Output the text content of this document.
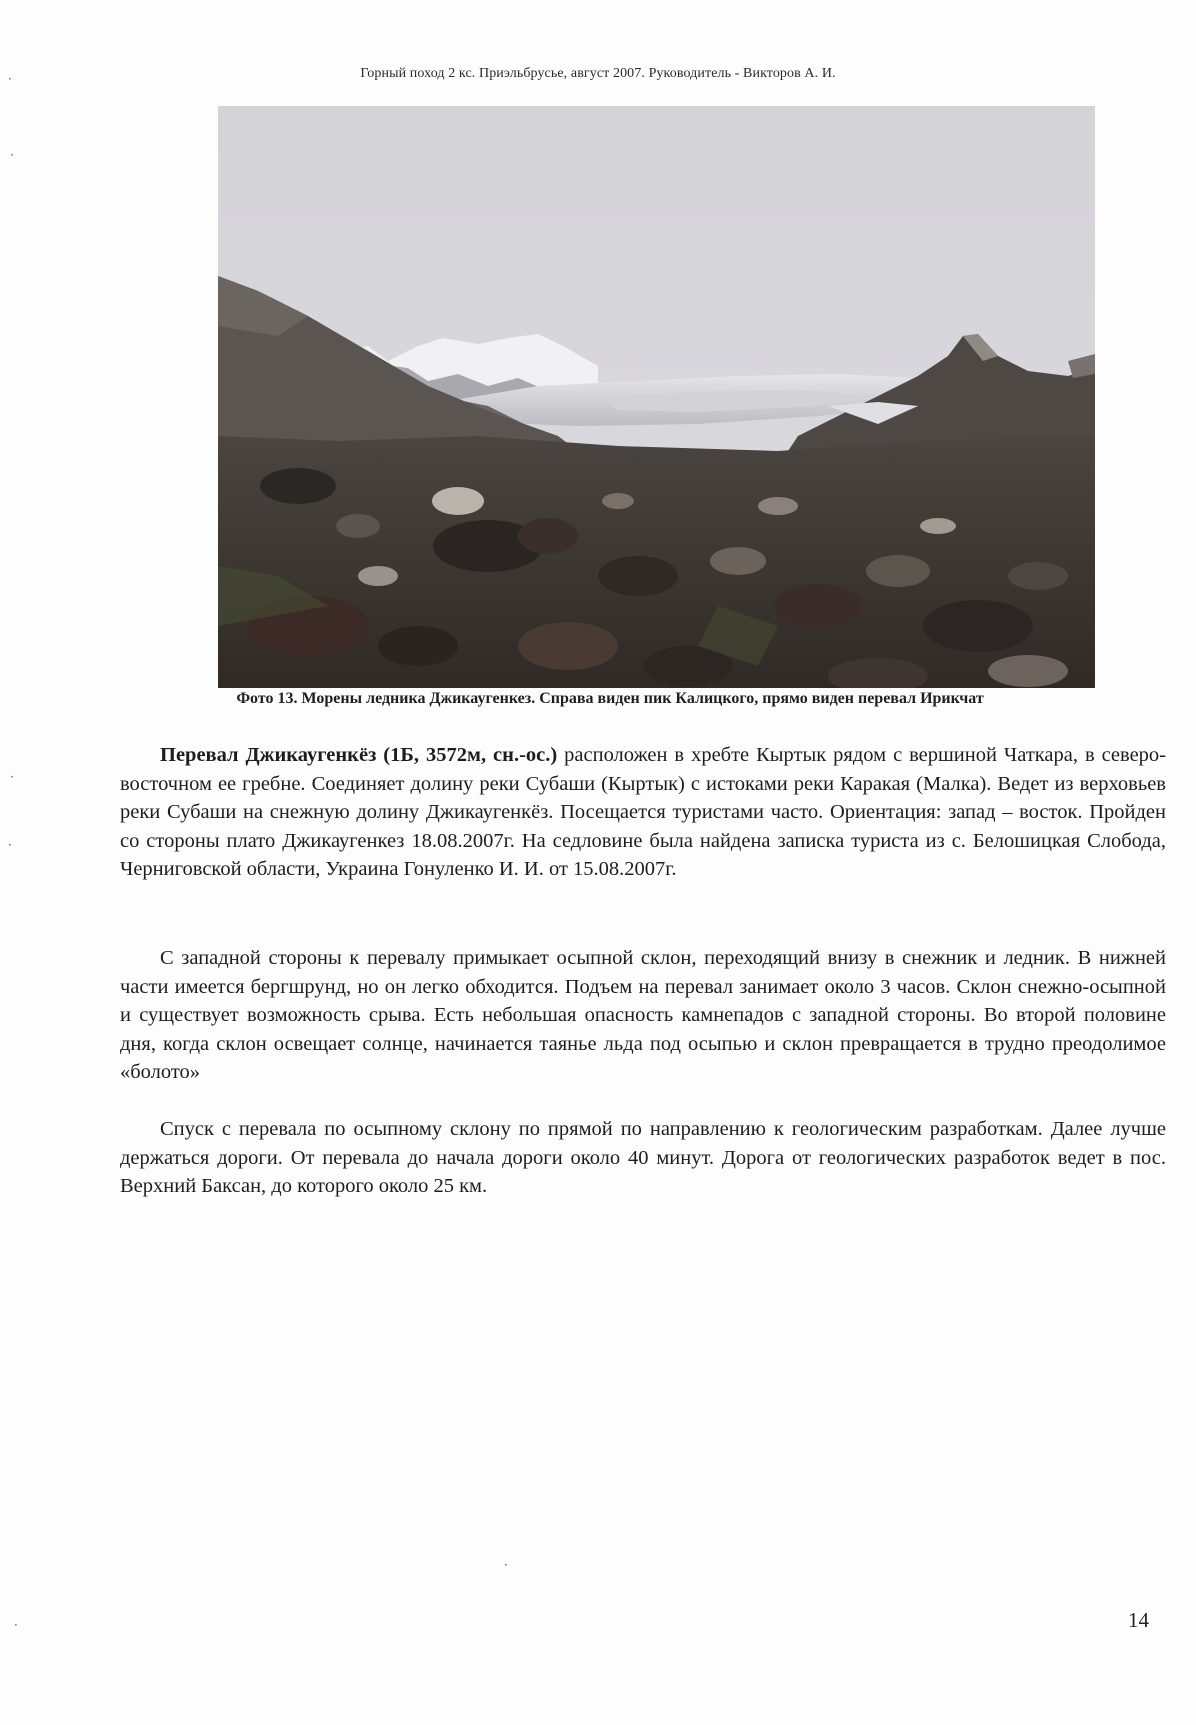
Горный поход 2 кс. Приэльбрусье, август 2007. Руководитель - Викторов А. И.
Фото 13. Морены ледника Джикаугенкез. Справа виден пик Калицкого, прямо виден перевал Ирикчат

Перевал Джикаугенкёз (1Б, 3572м, сн.-ос.) расположен в хребте Кыртык рядом с вершиной Чаткара, в северо-восточном ее гребне. Соединяет долину реки Субаши (Кыртык) с истоками реки Каракая (Малка). Ведет из верховьев реки Субаши на снежную долину Джикаугенкёз. Посещается туристами часто. Ориентация: запад – восток. Пройден со стороны плато Джикаугенкез 18.08.2007г. На седловине была найдена записка туриста из с. Белошицкая Слобода, Черниговской области, Украина Гонуленко И. И. от 15.08.2007г.

С западной стороны к перевалу примыкает осыпной склон, переходящий внизу в снежник и ледник. В нижней части имеется бергшрунд, но он легко обходится. Подъем на перевал занимает около 3 часов. Склон снежно-осыпной и существует возможность срыва. Есть небольшая опасность камнепадов с западной стороны. Во второй половине дня, когда склон освещает солнце, начинается таянье льда под осыпью и склон превращается в трудно преодолимое «болото»

Спуск с перевала по осыпному склону по прямой по направлению к геологическим разработкам. Далее лучше держаться дороги. От перевала до начала дороги около 40 минут. Дорога от геологических разработок ведет в пос. Верхний Баксан, до которого около 25 км.

14
·
·
·
·
·
·
